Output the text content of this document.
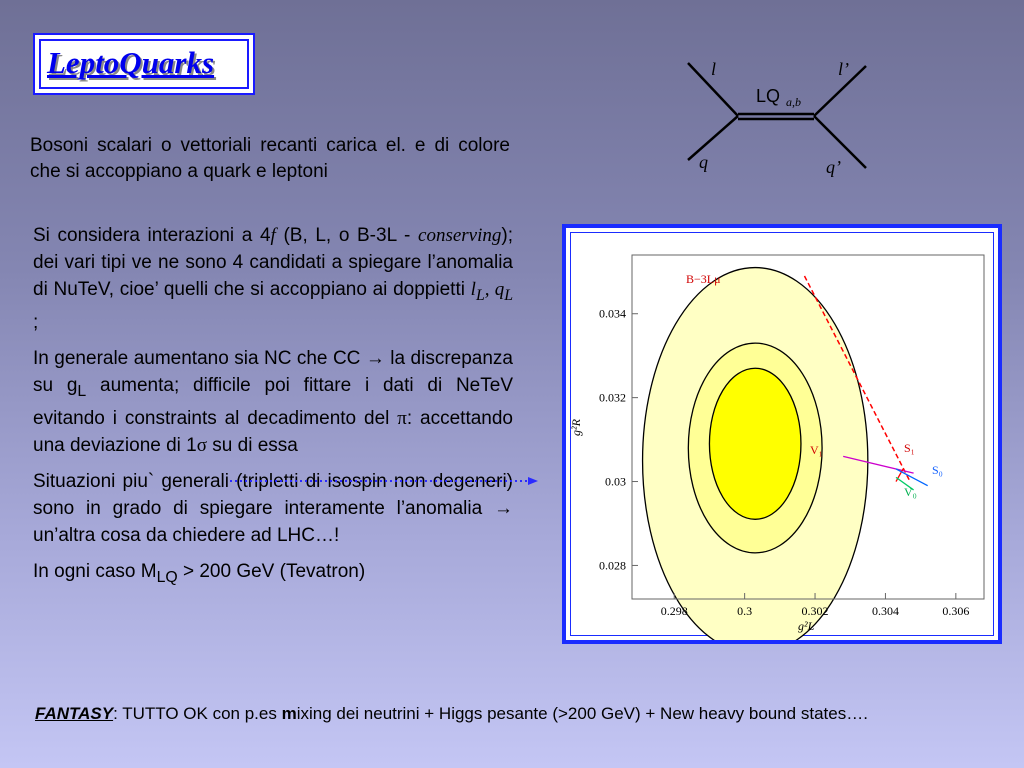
LeptoQuarks
Bosoni scalari o vettoriali recanti carica el. e di colore che si accoppiano a quark e leptoni
l	l’
q	q’
LQ a,b

Si considera interazioni a 4f (B, L, o B-3L - conserving); dei vari tipi ve ne sono 4 candidati a spiegare l’anomalia di NuTeV, cioe’ quelli che si accoppiano ai doppietti $l_L$, $q_L$ ;

In generale aumentano sia NC che CC → la discrepanza su $g_L$ aumenta; difficile poi fittare i dati di NeTeV evitando i constraints al decadimento del π: accettando una deviazione di 1σ su di essa

Situazioni piu` generali (tripletti di isospin non degeneri) sono in grado di spiegare interamente l’anomalia → un’altra cosa da chiedere ad LHC…!

In ogni caso $M_{LQ} > 200$ GeV (Tevatron)

0.298	0.3	0.302	0.304	0.306
0.028
0.03
0.032
0.034
B−3Lμ
V₁	S₁
S₀
V₀
g²L
g²R
FANTASY: TUTTO OK con p.es mixing dei neutrini + Higgs pesante (>200 GeV) + New heavy bound states….
